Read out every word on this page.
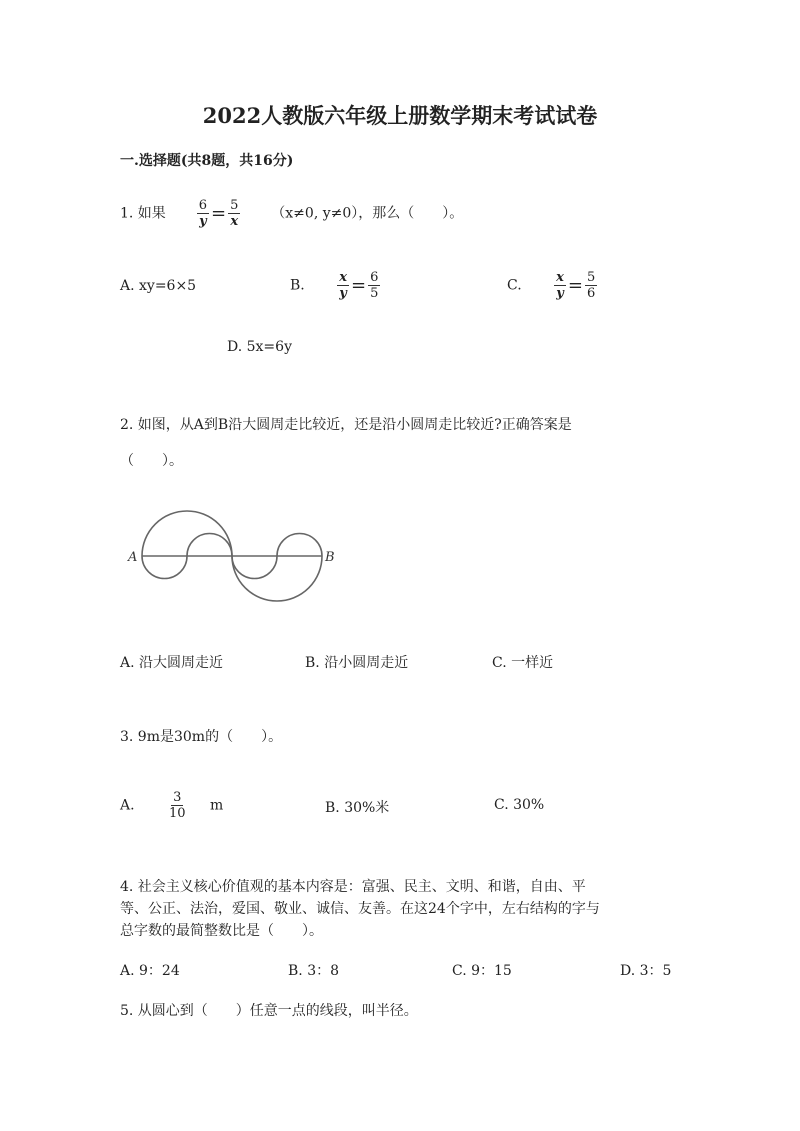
2022人教版六年级上册数学期末考试试卷
一.选择题(共8题，共16分)
1. 如果 $\frac{6}{y} = \frac{5}{x} (x\ne 0$, y≠0），那么（　　）。
A. xy=6×5	B. $\frac{x}{y} = \frac{6}{5}$	C. $\frac{x}{y} = \frac{5}{6}$
D. 5x=6y
2. 如图，从A到B沿大圆周走比较近，还是沿小圆周走比较近?正确答案是
（　　）。
A	B
A. 沿大圆周走近	B. 沿小圆周走近	C. 一样近
3. 9m是30m的（　　）。
A.	$\frac{3}{10}$ m	B. 30%米	C. 30%
4. 社会主义核心价值观的基本内容是：富强、民主、文明、和谐，自由、平
等、公正、法治，爱国、敬业、诚信、友善。在这24个字中，左右结构的字与
总字数的最简整数比是（　　）。
A. 9：24	B. 3：8	C. 9：15	D. 3：5
5. 从圆心到（　　）任意一点的线段，叫半径。
